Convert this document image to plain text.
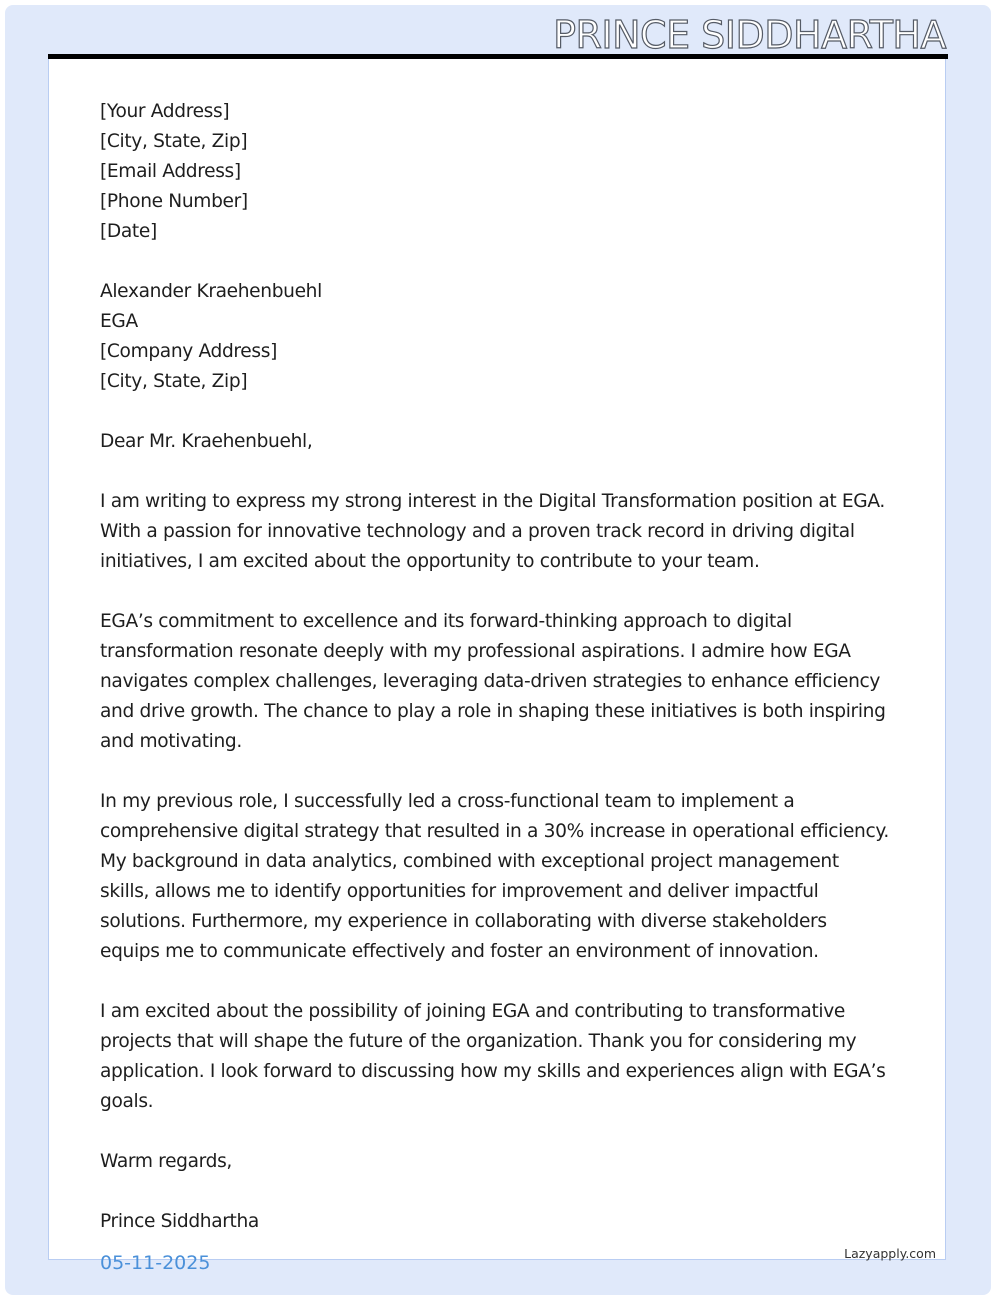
PRINCE SIDDHARTHA
[Your Address]
[City, State, Zip]
[Email Address]
[Phone Number]
[Date]
Alexander Kraehenbuehl
EGA
[Company Address]
[City, State, Zip]
Dear Mr. Kraehenbuehl,
I am writing to express my strong interest in the Digital Transformation position at EGA. With a passion for innovative technology and a proven track record in driving digital initiatives, I am excited about the opportunity to contribute to your team.
EGA’s commitment to excellence and its forward-thinking approach to digital transformation resonate deeply with my professional aspirations. I admire how EGA navigates complex challenges, leveraging data-driven strategies to enhance efficiency and drive growth. The chance to play a role in shaping these initiatives is both inspiring and motivating.
In my previous role, I successfully led a cross-functional team to implement a comprehensive digital strategy that resulted in a 30% increase in operational efficiency. My background in data analytics, combined with exceptional project management skills, allows me to identify opportunities for improvement and deliver impactful solutions. Furthermore, my experience in collaborating with diverse stakeholders equips me to communicate effectively and foster an environment of innovation.
I am excited about the possibility of joining EGA and contributing to transformative projects that will shape the future of the organization. Thank you for considering my application. I look forward to discussing how my skills and experiences align with EGA’s goals.
Warm regards,
Prince Siddhartha
05-11-2025	Lazyapply.com
